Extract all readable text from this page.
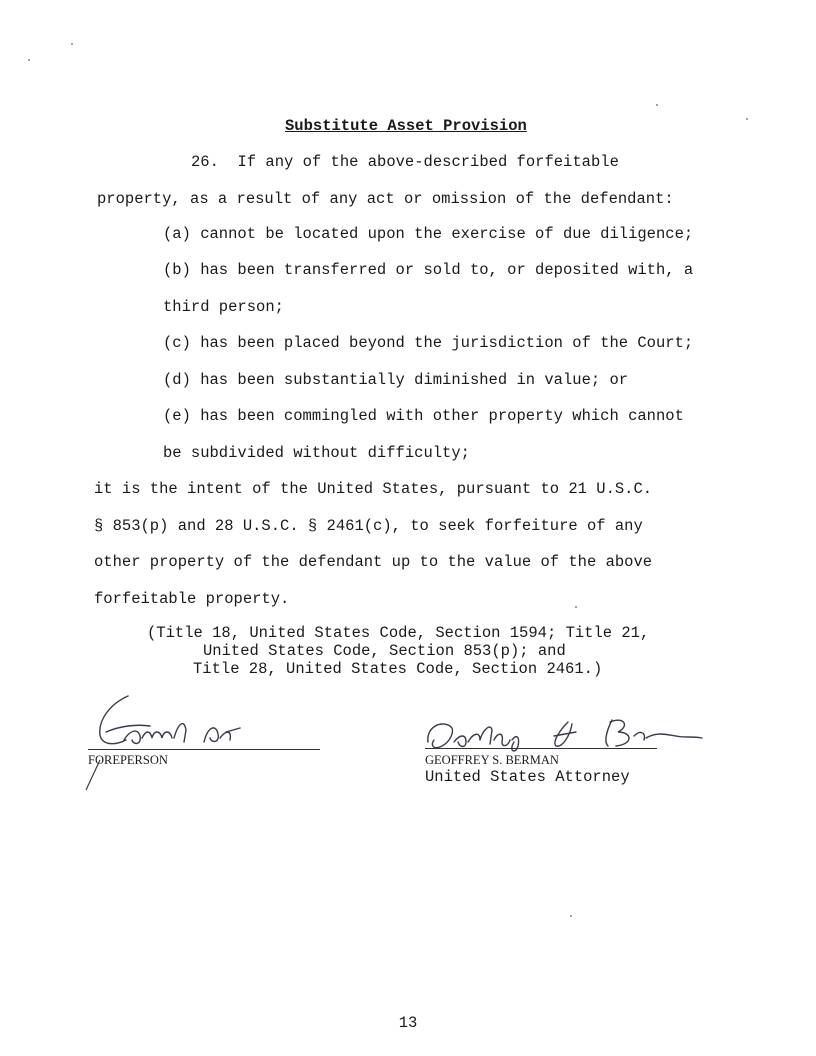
Substitute Asset Provision
26.  If any of the above-described forfeitable
property, as a result of any act or omission of the defendant:
(a) cannot be located upon the exercise of due diligence;
(b) has been transferred or sold to, or deposited with, a
third person;
(c) has been placed beyond the jurisdiction of the Court;
(d) has been substantially diminished in value; or
(e) has been commingled with other property which cannot
be subdivided without difficulty;
it is the intent of the United States, pursuant to 21 U.S.C.
§ 853(p) and 28 U.S.C. § 2461(c), to seek forfeiture of any
other property of the defendant up to the value of the above
forfeitable property.
(Title 18, United States Code, Section 1594; Title 21,
United States Code, Section 853(p); and
Title 28, United States Code, Section 2461.)
FOREPERSON	GEOFFREY S. BERMAN
United States Attorney
13
